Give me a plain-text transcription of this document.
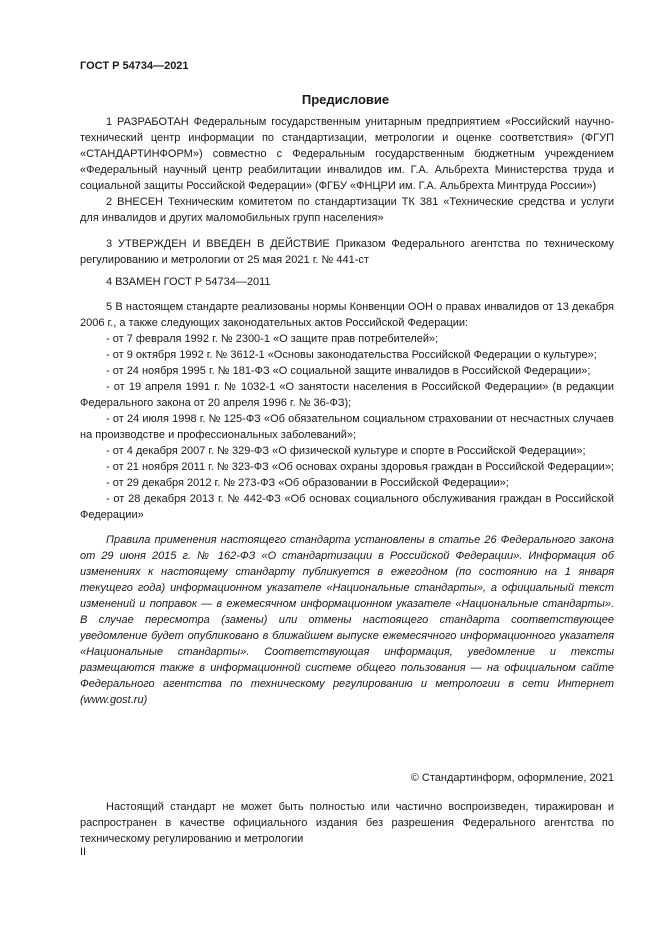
ГОСТ Р 54734—2021
Предисловие

1 РАЗРАБОТАН Федеральным государственным унитарным предприятием «Российский научно-технический центр информации по стандартизации, метрологии и оценке соответствия» (ФГУП «СТАНДАРТИНФОРМ») совместно с Федеральным государственным бюджетным учреждением «Федеральный научный центр реабилитации инвалидов им. Г.А. Альбрехта Министерства труда и социальной защиты Российской Федерации» (ФГБУ «ФНЦРИ им. Г.А. Альбрехта Минтруда России»)

2 ВНЕСЕН Техническим комитетом по стандартизации ТК 381 «Технические средства и услуги для инвалидов и других маломобильных групп населения»

3 УТВЕРЖДЕН И ВВЕДЕН В ДЕЙСТВИЕ Приказом Федерального агентства по техническому регулированию и метрологии от 25 мая 2021 г. № 441-ст

4 ВЗАМЕН ГОСТ Р 54734—2011

5 В настоящем стандарте реализованы нормы Конвенции ООН о правах инвалидов от 13 декабря 2006 г., а также следующих законодательных актов Российской Федерации:

- от 7 февраля 1992 г. № 2300-1 «О защите прав потребителей»;

- от 9 октября 1992 г. № 3612-1 «Основы законодательства Российской Федерации о культуре»;

- от 24 ноября 1995 г. № 181-ФЗ «О социальной защите инвалидов в Российской Федерации»;

- от 19 апреля 1991 г. № 1032-1 «О занятости населения в Российской Федерации» (в редакции Федерального закона от 20 апреля 1996 г. № 36-ФЗ);

- от 24 июля 1998 г. № 125-ФЗ «Об обязательном социальном страховании от несчастных случаев на производстве и профессиональных заболеваний»;

- от 4 декабря 2007 г. № 329-ФЗ «О физической культуре и спорте в Российской Федерации»;

- от 21 ноября 2011 г. № 323-ФЗ «Об основах охраны здоровья граждан в Российской Федерации»;

- от 29 декабря 2012 г. № 273-ФЗ «Об образовании в Российской Федерации»;

- от 28 декабря 2013 г. № 442-ФЗ «Об основах социального обслуживания граждан в Российской Федерации»

Правила применения настоящего стандарта установлены в статье 26 Федерального закона от 29 июня 2015 г. № 162-ФЗ «О стандартизации в Российской Федерации». Информация об изменениях к настоящему стандарту публикуется в ежегодном (по состоянию на 1 января текущего года) информационном указателе «Национальные стандарты», а официальный текст изменений и поправок — в ежемесячном информационном указателе «Национальные стандарты». В случае пересмотра (замены) или отмены настоящего стандарта соответствующее уведомление будет опубликовано в ближайшем выпуске ежемесячного информационного указателя «Национальные стандарты». Соответствующая информация, уведомление и тексты размещаются также в информационной системе общего пользования — на официальном сайте Федерального агентства по техническому регулированию и метрологии в сети Интернет (www.gost.ru)

© Стандартинформ, оформление, 2021

Настоящий стандарт не может быть полностью или частично воспроизведен, тиражирован и распространен в качестве официального издания без разрешения Федерального агентства по техническому регулированию и метрологии

II
